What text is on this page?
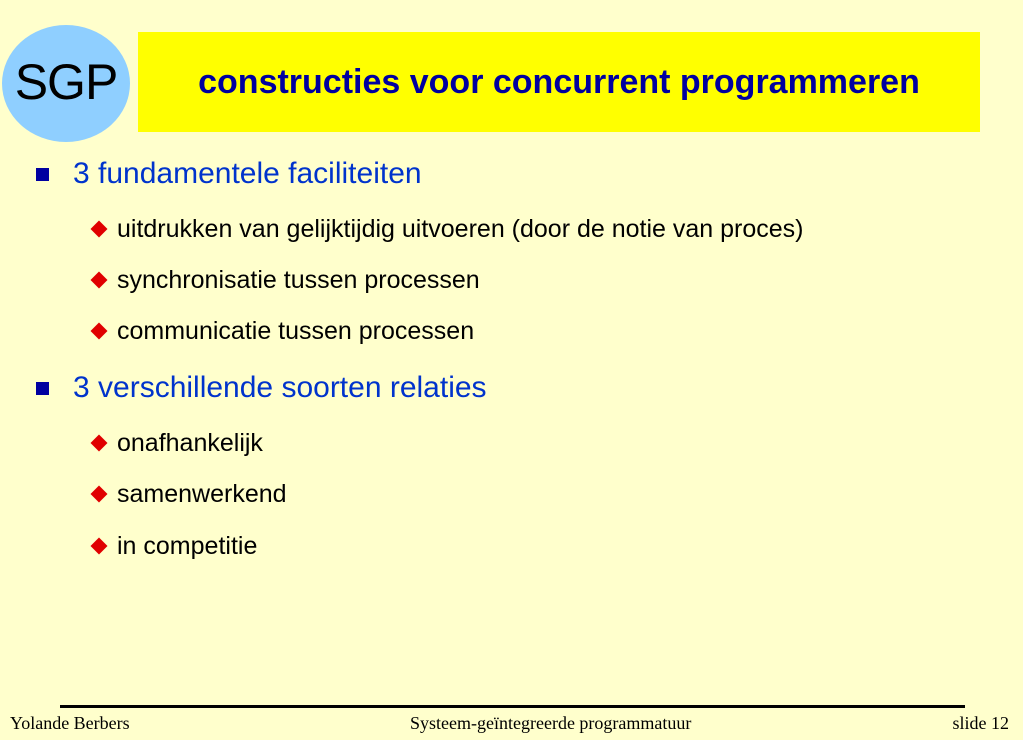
SGP constructies voor concurrent programmeren
3 fundamentele faciliteiten
uitdrukken van gelijktijdig uitvoeren (door de notie van proces)
synchronisatie tussen processen
communicatie tussen processen
3 verschillende soorten relaties
onafhankelijk
samenwerkend
in competitie
Yolande Berbers	Systeem-geïntegreerde programmatuur	slide 12
